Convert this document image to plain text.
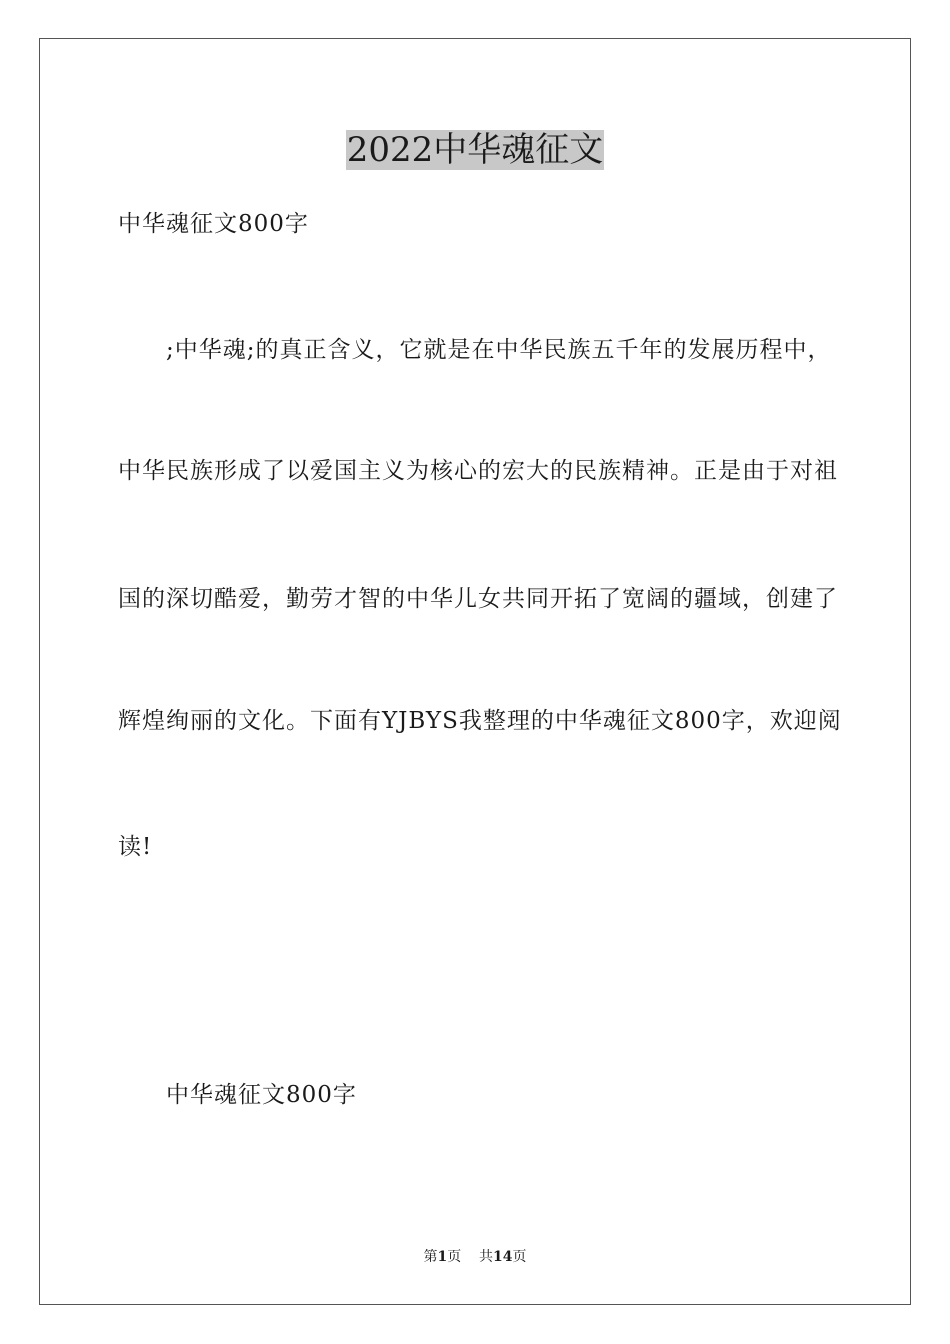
2022中华魂征文
中华魂征文800字
　　;中华魂;的真正含义，它就是在中华民族五千年的发展历程中，
中华民族形成了以爱国主义为核心的宏大的民族精神。正是由于对祖
国的深切酷爱，勤劳才智的中华儿女共同开拓了宽阔的疆域，创建了
辉煌绚丽的文化。下面有YJBYS我整理的中华魂征文800字，欢迎阅
读!
中华魂征文800字
第1页 共14页
